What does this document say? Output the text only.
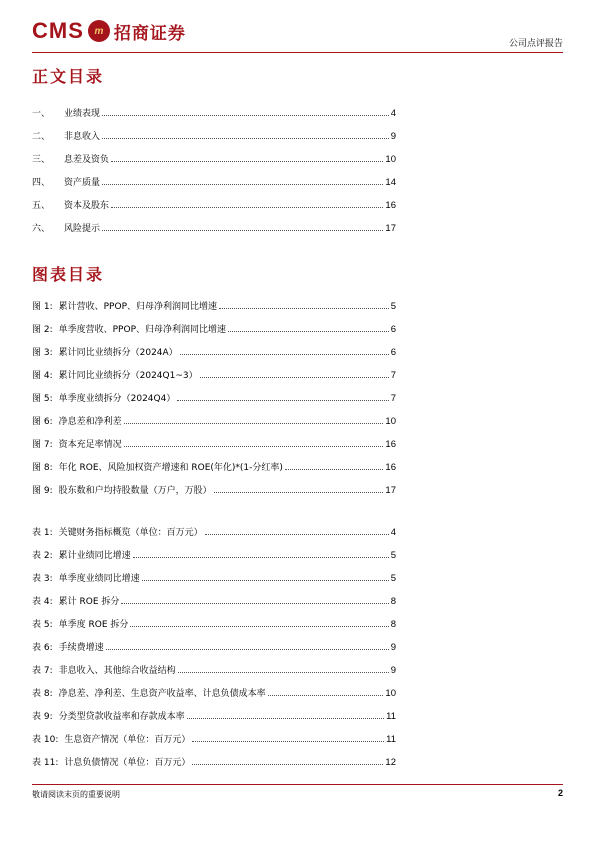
CMS	m 招商证券
公司点评报告
正文目录
一、 业绩表现	4
二、 非息收入	9
三、 息差及资负	10
四、 资产质量	14
五、 资本及股东	16
六、 风险提示	17
图表目录
图 1: 累计营收、PPOP、归母净利润同比增速	5
图 2: 单季度营收、PPOP、归母净利润同比增速	6
图 3: 累计同比业绩拆分（2024A）	6
图 4: 累计同比业绩拆分（2024Q1~3）	7
图 5: 单季度业绩拆分（2024Q4）	7
图 6: 净息差和净利差	10
图 7: 资本充足率情况	16
图 8: 年化 ROE、风险加权资产增速和 ROE(年化)*(1-分红率)	16
图 9: 股东数和户均持股数量（万户，万股）	17
表 1: 关键财务指标概览（单位：百万元）	4
表 2: 累计业绩同比增速	5
表 3: 单季度业绩同比增速	5
表 4: 累计 ROE 拆分	8
表 5: 单季度 ROE 拆分	8
表 6: 手续费增速	9
表 7: 非息收入、其他综合收益结构	9
表 8: 净息差、净利差、生息资产收益率、计息负债成本率	10
表 9: 分类型贷款收益率和存款成本率	11
表 10: 生息资产情况（单位：百万元）	11
表 11: 计息负债情况（单位：百万元）	12
敬请阅读末页的重要说明	2
